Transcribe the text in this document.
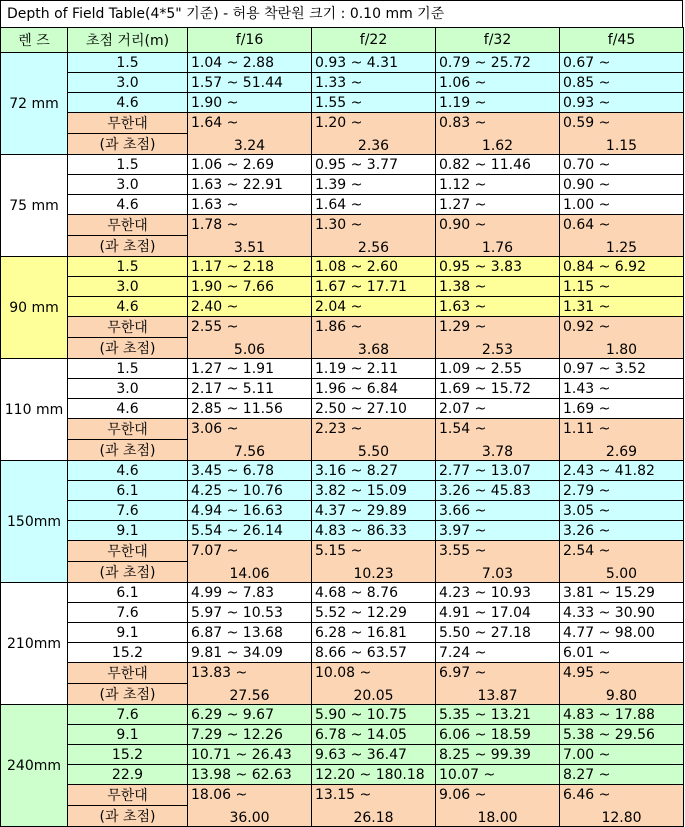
Depth of Field Table(4*5" 기준) - 허용 착란원 크기 : 0.10 mm 기준
렌 즈	초점 거리(m)	f/16	f/22	f/32	f/45
72 mm	1.5	1.04 ~ 2.88	0.93 ~ 4.31	0.79 ~ 25.72	0.67 ~
	3.0	1.57 ~ 51.44	1.33 ~	1.06 ~	0.85 ~
	4.6	1.90 ~	1.55 ~	1.19 ~	0.93 ~
	무한대	1.64 ~	1.20 ~	0.83 ~	0.59 ~
	(과 초점)	3.24	2.36	1.62	1.15
75 mm	1.5	1.06 ~ 2.69	0.95 ~ 3.77	0.82 ~ 11.46	0.70 ~
	3.0	1.63 ~ 22.91	1.39 ~	1.12 ~	0.90 ~
	4.6	1.63 ~	1.64 ~	1.27 ~	1.00 ~
	무한대	1.78 ~	1.30 ~	0.90 ~	0.64 ~
	(과 초점)	3.51	2.56	1.76	1.25
90 mm	1.5	1.17 ~ 2.18	1.08 ~ 2.60	0.95 ~ 3.83	0.84 ~ 6.92
	3.0	1.90 ~ 7.66	1.67 ~ 17.71	1.38 ~	1.15 ~
	4.6	2.40 ~	2.04 ~	1.63 ~	1.31 ~
	무한대	2.55 ~	1.86 ~	1.29 ~	0.92 ~
	(과 초점)	5.06	3.68	2.53	1.80
110 mm	1.5	1.27 ~ 1.91	1.19 ~ 2.11	1.09 ~ 2.55	0.97 ~ 3.52
	3.0	2.17 ~ 5.11	1.96 ~ 6.84	1.69 ~ 15.72	1.43 ~
	4.6	2.85 ~ 11.56	2.50 ~ 27.10	2.07 ~	1.69 ~
	무한대	3.06 ~	2.23 ~	1.54 ~	1.11 ~
	(과 초점)	7.56	5.50	3.78	2.69
150mm	4.6	3.45 ~ 6.78	3.16 ~ 8.27	2.77 ~ 13.07	2.43 ~ 41.82
	6.1	4.25 ~ 10.76	3.82 ~ 15.09	3.26 ~ 45.83	2.79 ~
	7.6	4.94 ~ 16.63	4.37 ~ 29.89	3.66 ~	3.05 ~
	9.1	5.54 ~ 26.14	4.83 ~ 86.33	3.97 ~	3.26 ~
	무한대	7.07 ~	5.15 ~	3.55 ~	2.54 ~
	(과 초점)	14.06	10.23	7.03	5.00
210mm	6.1	4.99 ~ 7.83	4.68 ~ 8.76	4.23 ~ 10.93	3.81 ~ 15.29
	7.6	5.97 ~ 10.53	5.52 ~ 12.29	4.91 ~ 17.04	4.33 ~ 30.90
	9.1	6.87 ~ 13.68	6.28 ~ 16.81	5.50 ~ 27.18	4.77 ~ 98.00
	15.2	9.81 ~ 34.09	8.66 ~ 63.57	7.24 ~	6.01 ~
	무한대	13.83 ~	10.08 ~	6.97 ~	4.95 ~
	(과 초점)	27.56	20.05	13.87	9.80
240mm	7.6	6.29 ~ 9.67	5.90 ~ 10.75	5.35 ~ 13.21	4.83 ~ 17.88
	9.1	7.29 ~ 12.26	6.78 ~ 14.05	6.06 ~ 18.59	5.38 ~ 29.56
	15.2	10.71 ~ 26.43	9.63 ~ 36.47	8.25 ~ 99.39	7.00 ~
	22.9	13.98 ~ 62.63	12.20 ~ 180.18	10.07 ~	8.27 ~
	무한대	18.06 ~	13.15 ~	9.06 ~	6.46 ~
	(과 초점)	36.00	26.18	18.00	12.80
